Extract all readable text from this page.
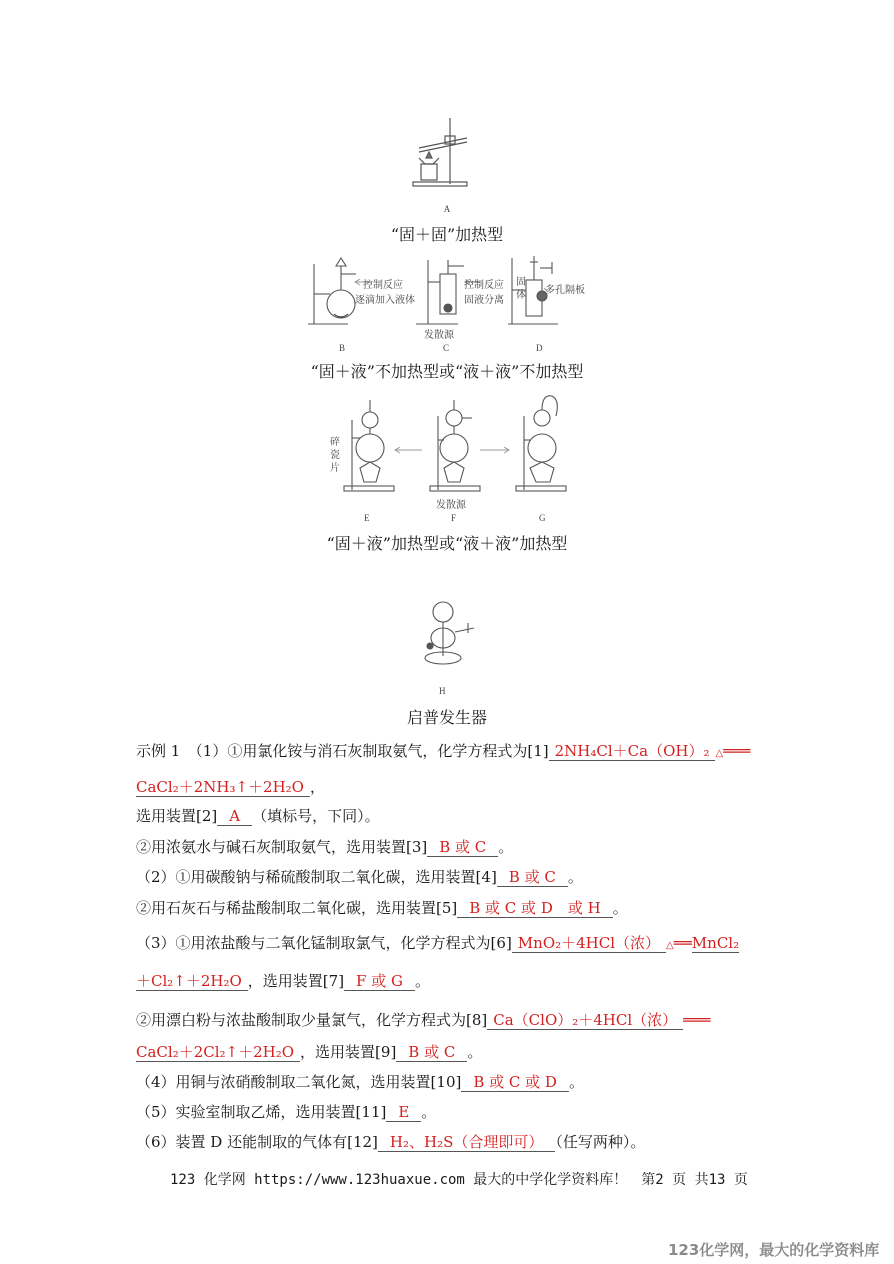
A
“固＋固”加热型
控制反应
逐滴加入液体
控制反应
固液分离
多孔隔板
固体
发散源
B	C	D
“固＋液”不加热型或“液＋液”不加热型
碎瓷片
发散源
E	F	G
“固＋液”加热型或“液＋液”加热型
H
启普发生器
示例 1　（1）①用氯化铵与消石灰制取氨气，化学方程式为[1] 2NH₄Cl＋Ca（OH）₂ △═══
CaCl₂＋2NH₃↑＋2H₂O ，
选用装置[2] A （填标号，下同）。
②用浓氨水与碱石灰制取氨气，选用装置[3] B 或 C 。
（2）①用碳酸钠与稀硫酸制取二氧化碳，选用装置[4] B 或 C 。
②用石灰石与稀盐酸制取二氧化碳，选用装置[5] B 或 C 或 D　或 H 。
（3）①用浓盐酸与二氧化锰制取氯气，化学方程式为[6] MnO₂＋4HCl（浓） △══MnCl₂
＋Cl₂↑＋2H₂O ，选用装置[7] F 或 G 。
②用漂白粉与浓盐酸制取少量氯气，化学方程式为[8] Ca（ClO）₂＋4HCl（浓） ═══
CaCl₂＋2Cl₂↑＋2H₂O ，选用装置[9] B 或 C 。
（4）用铜与浓硝酸制取二氧化氮，选用装置[10] B 或 C 或 D 。
（5）实验室制取乙烯，选用装置[11] E 。
（6）装置 D 还能制取的气体有[12] H₂、H₂S（合理即可） （任写两种）。
123 化学网 https://www.123huaxue.com 最大的中学化学资料库！　第2 页 共13 页
123化学网，最大的化学资料库
